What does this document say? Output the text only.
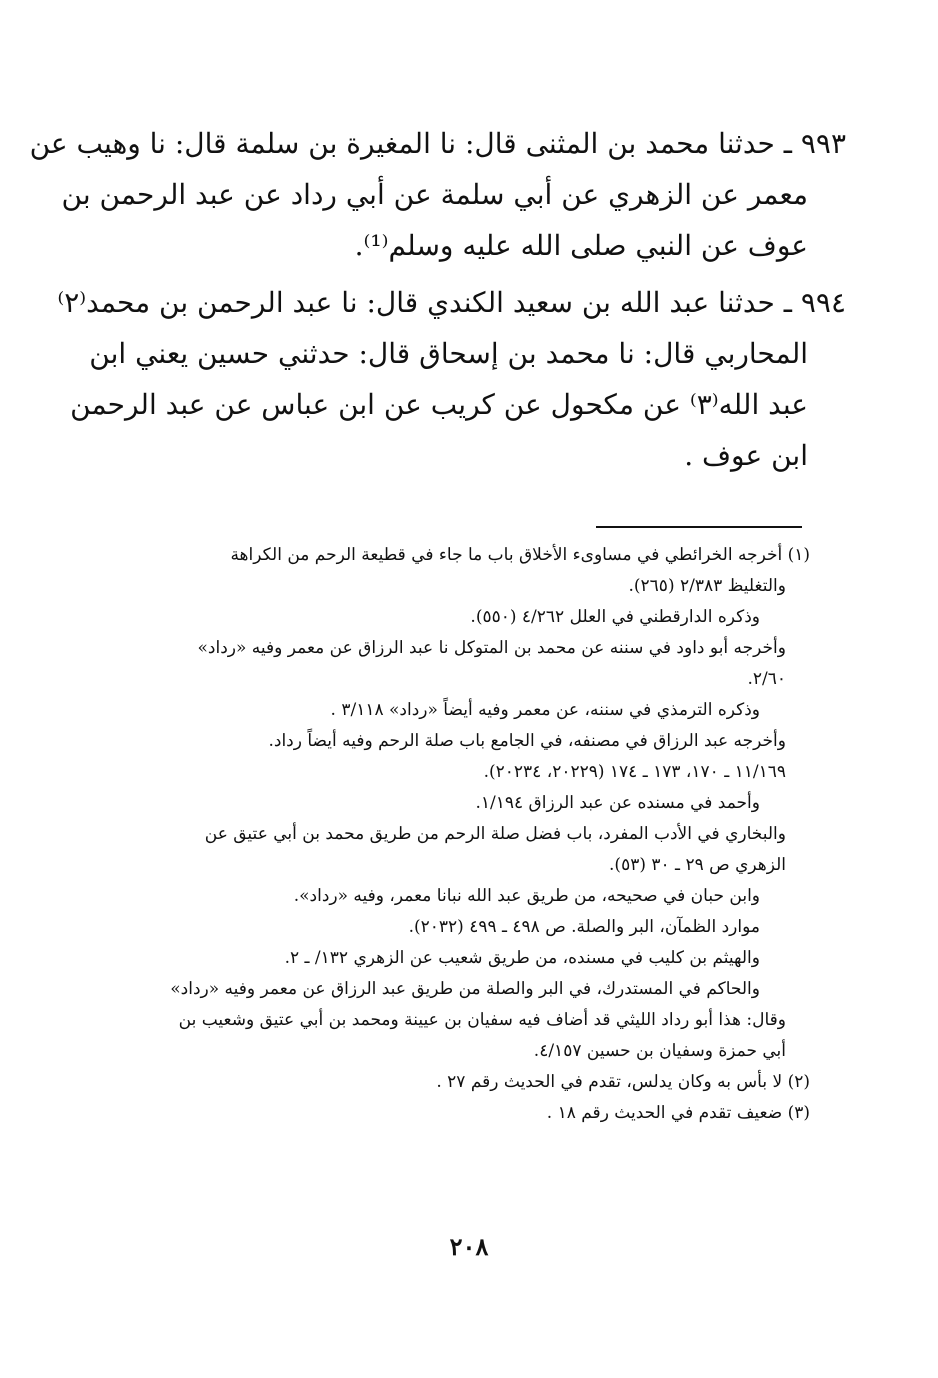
٩٩٣ ـ حدثنا محمد بن المثنى قال: نا المغيرة بن سلمة قال: نا وهيب عن
معمر عن الزهري عن أبي سلمة عن أبي رداد عن عبد الرحمن بن
عوف عن النبي صلى الله عليه وسلم⁽¹⁾.

٩٩٤ ـ حدثنا عبد الله بن سعيد الكندي قال: نا عبد الرحمن بن محمد⁽٢⁾
المحاربي قال: نا محمد بن إسحاق قال: حدثني حسين يعني ابن
عبد الله⁽٣⁾ عن مكحول عن كريب عن ابن عباس عن عبد الرحمن
ابن عوف .

(١) أخرجه الخرائطي في مساوىء الأخلاق باب ما جاء في قطيعة الرحم من الكراهة
والتغليظ ٢/٣٨٣ (٢٦٥).
وذكره الدارقطني في العلل ٤/٢٦٢ (٥٥٠).
وأخرجه أبو داود في سننه عن محمد بن المتوكل نا عبد الرزاق عن معمر وفيه «رداد»
٢/٦٠.
وذكره الترمذي في سننه، عن معمر وفيه أيضاً «رداد» ٣/١١٨ .
وأخرجه عبد الرزاق في مصنفه، في الجامع باب صلة الرحم وفيه أيضاً رداد.
١١/١٦٩ ـ ١٧٠، ١٧٣ ـ ١٧٤ (٢٠٢٢٩، ٢٠٢٣٤).
وأحمد في مسنده عن عبد الرزاق ١/١٩٤.
والبخاري في الأدب المفرد، باب فضل صلة الرحم من طريق محمد بن أبي عتيق عن
الزهري ص ٢٩ ـ ٣٠ (٥٣).
وابن حبان في صحيحه، من طريق عبد الله نبانا معمر، وفيه «رداد».
موارد الظمآن، البر والصلة. ص ٤٩٨ ـ ٤٩٩ (٢٠٣٢).
والهيثم بن كليب في مسنده، من طريق شعيب عن الزهري ١٣٢/ ـ ٢.
والحاكم في المستدرك، في البر والصلة من طريق عبد الرزاق عن معمر وفيه «رداد»
وقال: هذا أبو رداد الليثي قد أضاف فيه سفيان بن عيينة ومحمد بن أبي عتيق وشعيب بن
أبي حمزة وسفيان بن حسين ٤/١٥٧.
(٢) لا بأس به وكان يدلس، تقدم في الحديث رقم ٢٧ .
(٣) ضعيف تقدم في الحديث رقم ١٨ .
٢٠٨
